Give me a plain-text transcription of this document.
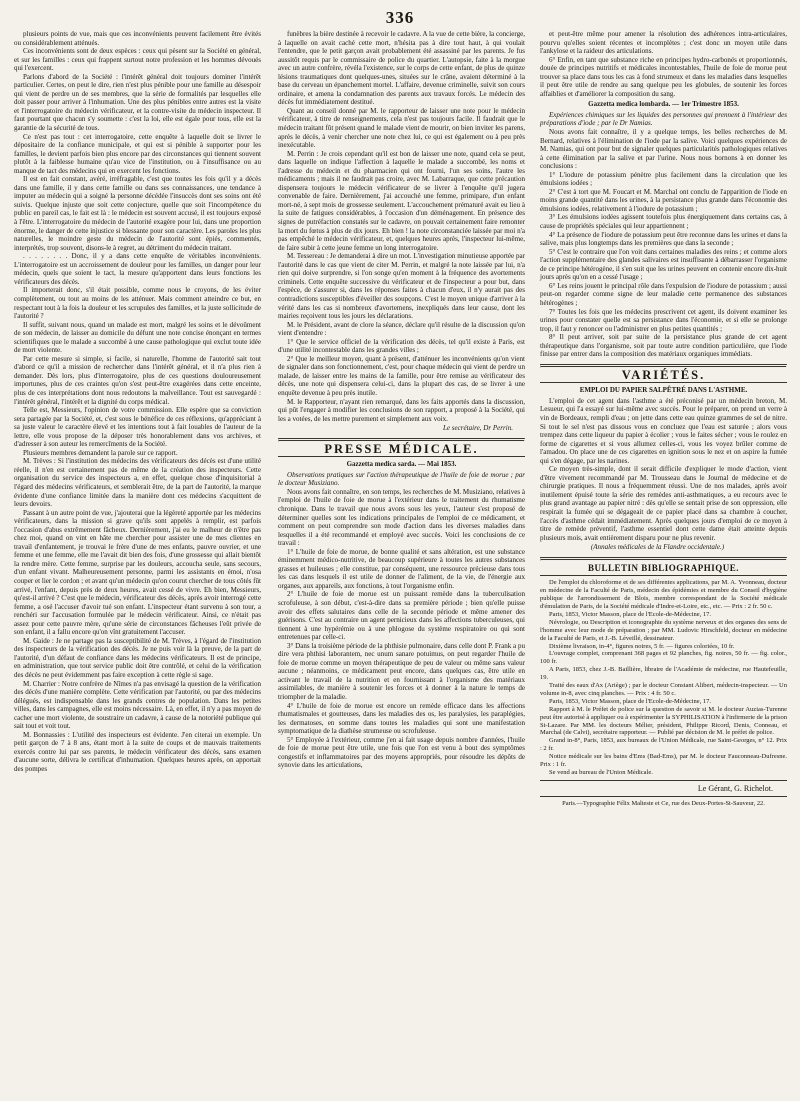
336

plusieurs points de vue, mais que ces inconvénients peuvent facilement être évités ou considérablement atténués.

Ces inconvénients sont de deux espèces : ceux qui pèsent sur la Société en général, et sur les familles : ceux qui frappent surtout notre profession et les hommes dévoués qui l'exercent.

Parlons d'abord de la Société : l'intérêt général doit toujours dominer l'intérêt particulier. Certes, on peut le dire, rien n'est plus pénible pour une famille au désespoir qui vient de perdre un de ses membres, que la série de formalités par lesquelles elle doit passer pour arriver à l'inhumation. Une des plus pénibles entre autres est la visite et l'interrogatoire du médecin vérificateur, et la contre-visite du médecin inspecteur. Il faut pourtant que chacun s'y soumette : c'est la loi, elle est égale pour tous, elle est la garantie de la sécurité de tous.

Ce n'est pas tout : cet interrogatoire, cette enquête à laquelle doit se livrer le dépositaire de la confiance municipale, et qui est si pénible à supporter pour les familles, le devient parfois bien plus encore par des circonstances qui tiennent souvent plutôt à la faiblesse humaine qu'au vice de l'institution, ou à l'insuffisance ou au manque de tact des médecins qui en exercent les fonctions.

Il est en fait constant, avéré, irréfragable, c'est que toutes les fois qu'il y a décès dans une famille, il y dans cette famille ou dans ses connaissances, une tendance à imputer au médecin qui a soigné la personne décédée l'insuccès dont ses soins ont été suivis. Quelque injuste que soit cette conjecture, quelle que soit l'incompétence du public en pareil cas, le fait est là : le médecin est souvent accusé, il est toujours exposé à l'être. L'interrogatoire du médecin de l'autorité exagère pour lui, dans une proportion énorme, le danger de cette injustice si blessante pour son caractère. Les paroles les plus naturelles, le moindre geste du médecin de l'autorité sont épiés, commentés, interprétés, trop souvent, disons-le à regret, au détriment du médecin traitant.

. . . . . . . . Donc, il y a dans cette enquête de véritables inconvénients. L'interrogatoire est un accroissement de douleur pour les familles, un danger pour leur médecin, quels que soient le tact, la mesure qu'apportent dans leurs fonctions les vérificateurs des décès.

Il importerait donc, s'il était possible, comme nous le croyons, de les éviter complètement, ou tout au moins de les atténuer. Mais comment atteindre ce but, en respectant tout à la fois la douleur et les scrupules des familles, et la juste sollicitude de l'autorité ?

Il suffit, suivant nous, quand un malade est mort, malgré les soins et le dévoûment de son médecin, de laisser au domicile du défunt une note concise énonçant en termes scientifiques que le malade a succombé à une cause pathologique qui exclut toute idée de mort violente.

Par cette mesure si simple, si facile, si naturelle, l'homme de l'autorité sait tout d'abord ce qu'il a mission de rechercher dans l'intérêt général, et il n'a plus rien à demander. Dès lors, plus d'interrogatoire, plus de ces questions douloureusement importunes, plus de ces craintes qu'on s'est peut-être exagérées dans cette enceinte, plus de ces interprétations dont nous redoutons la malveillance. Tout est sauvegardé : l'intérêt général, l'intérêt et la dignité du corps médical.

Telle est, Messieurs, l'opinion de votre commission. Elle espère que sa conviction sera partagée par la Société, et, c'est sous le bénéfice de ces réflexions, qu'appréciant à sa juste valeur le caractère élevé et les intentions tout à fait louables de l'auteur de la lettre, elle vous propose de la déposer très honorablement dans vos archives, et d'adresser à son auteur les remercîments de la Société.

Plusieurs membres demandent la parole sur ce rapport.

M. Trèves : Si l'institution des médecins des vérificateurs des décès est d'une utilité réelle, il n'en est certainement pas de même de la création des inspecteurs. Cette organisation du service des inspecteurs a, en effet, quelque chose d'inquisitorial à l'égard des médecins vérificateurs, et semblerait être, de la part de l'autorité, la marque évidente d'une confiance limitée dans la manière dont ces médecins s'acquittent de leurs devoirs.

Passant à un autre point de vue, j'ajouterai que la légèreté apportée par les médecins vérificateurs, dans la mission si grave qu'ils sont appelés à remplir, est parfois l'occasion d'abus extrêmement fâcheux. Dernièrement, j'ai eu le malheur de n'être pas chez moi, quand on vint en hâte me chercher pour assister une de mes clientes en travail d'enfantement, je trouvai le frère d'une de mes enfants, pauvre ouvrier, et une femme et une femme, elle me l'avait dit bien des fois, d'une grossesse qui allait bientôt la rendre mère. Cette femme, surprise par les douleurs, accoucha seule, sans secours, d'un enfant vivant. Malheureusement personne, parmi les assistants en émoi, n'osa couper et lier le cordon ; et avant qu'un médecin qu'on courut chercher de tous côtés fût arrivé, l'enfant, depuis près de deux heures, avait cessé de vivre. Eh bien, Messieurs, qu'est-il arrivé ? C'est que le médecin, vérificateur des décès, après avoir interrogé cette femme, a osé l'accuser d'avoir tué son enfant. L'inspecteur étant survenu à son tour, a renchéri sur l'accusation formulée par le médecin vérificateur. Ainsi, ce n'était pas assez pour cette pauvre mère, qu'une série de circonstances fâcheuses l'eût privée de son enfant, il a fallu encore qu'on vînt gratuitement l'accuser.

M. Gaide : Je ne partage pas la susceptibilité de M. Trèves, à l'égard de l'institution des inspecteurs de la vérification des décès. Je ne puis voir là la preuve, de la part de l'autorité, d'un défaut de confiance dans les médecins vérificateurs. Il est de principe, en administration, que tout service public doit être contrôlé, et celui de la vérification des décès ne peut évidemment pas faire exception à cette règle si sage.

M. Charrier : Notre confrère de Nîmes n'a pas envisagé la question de la vérification des décès d'une manière complète. Cette vérification par l'autorité, ou par des médecins délégués, est indispensable dans les grands centres de population. Dans les petites villes, dans les campagnes, elle est moins nécessaire. Là, en effet, il n'y a pas moyen de cacher une mort violente, de soustraire un cadavre, à cause de la notoriété publique qui sait tout et voit tout.

M. Bonnassies : L'utilité des inspecteurs est évidente. J'en citerai un exemple. Un petit garçon de 7 à 8 ans, étant mort à la suite de coups et de mauvais traitements exercés contre lui par ses parents, le médecin vérificateur des décès, sans examen d'aucune sorte, délivra le certificat d'inhumation. Quelques heures après, on apportait des pompes

funèbres la bière destinée à recevoir le cadavre. A la vue de cette bière, la concierge, à laquelle on avait caché cette mort, n'hésita pas à dire tout haut, à qui voulait l'entendre, que le petit garçon avait probablement été assassiné par les parents. Je fus aussitôt requis par le commissaire de police du quartier. L'autopsie, faite à la morgue avec un autre confrère, révéla l'existence, sur le corps de cette enfant, de plus de quinze lésions traumatiques dont quelques-unes, situées sur le crâne, avaient déterminé à la base du cerveau un épanchement mortel. L'affaire, devenue criminelle, suivit son cours ordinaire, et amena la condamnation des parents aux travaux forcés. Le médecin des décès fut immédiatement destitué.

Quant au conseil donné par M. le rapporteur de laisser une note pour le médecin vérificateur, à titre de renseignements, cela n'est pas toujours facile. Il faudrait que le médecin traitant fût présent quand le malade vient de mourir, on bien inviter les parens, après le décès, à venir chercher une note chez lui, ce qui est également ou à peu près inexécutable.

M. Perrin : Je crois cependant qu'il est bon de laisser une note, quand cela se peut, dans laquelle on indique l'affection à laquelle le malade a succombé, les noms et l'adresse du médecin et du pharmacien qui ont fourni, l'un ses soins, l'autre les médicaments ; mais il ne faudrait pas croire, avec M. Labarraque, que cette précaution dispensera toujours le médecin vérificateur de se livrer à l'enquête qu'il jugera convenable de faire. Dernièrement, j'ai accouché une femme, primipare, d'un enfant mort-né, à sept mois de grossesse seulement. L'accouchement prématuré avait eu lieu à la suite de fatigues considérables, à l'occasion d'un déménagement. En présence des signes de putréfaction constatés sur le cadavre, on pouvait certainement faire remonter la mort du fœtus à plus de dix jours. Eh bien ! la note circonstanciée laissée par moi n'a pas empêché le médecin vérificateur, et, quelques heures après, l'inspecteur lui-même, de faire subir à cette jeune femme un long interrogatoire.

M. Tessereau : Je demanderai à dire un mot. L'investigation minutieuse apportée par l'autorité dans le cas que vient de citer M. Perrin, et malgré la note laissée par lui, n'a rien qui doive surprendre, si l'on songe qu'en moment à la fréquence des avortements criminels. Cette enquête successive du vérificateur et de l'inspecteur a pour but, dans l'espèce, de s'assurer si, dans les réponses faites à chacun d'eux, il n'y aurait pas des contradictions susceptibles d'éveiller des soupçons. C'est le moyen unique d'arriver à la vérité dans les cas si nombreux d'avortemens, inexpliqués dans leur cause, dont les mairies reçoivent tous les jours les déclarations.

M. le Président, avant de clore la séance, déclare qu'il résulte de la discussion qu'on vient d'entendre :

1° Que le service officiel de la vérification des décès, tel qu'il existe à Paris, est d'une utilité incontestable dans les grandes villes ;

2° Que le meilleur moyen, quant à présent, d'atténuer les inconvénients qu'on vient de signaler dans son fonctionnement, c'est, pour chaque médecin qui vient de perdre un malade, de laisser entre les mains de la famille, pour être remise au vérificateur des décès, une note qui dispensera celui-ci, dans la plupart des cas, de se livrer à une enquête devenue à peu près inutile.

M. le Rapporteur, n'ayant rien remarqué, dans les faits apportés dans la discussion, qui pût l'engager à modifier les conclusions de son rapport, a proposé à la Société, qui les a votées, de les mettre purement et simplement aux voix.

Le secrétaire, Dr Perrin.
PRESSE MÉDICALE.
Gazzetta medica sarda. — Mai 1853.

Observations pratiques sur l'action thérapeutique de l'huile de foie de morue ; par le docteur Musiziano.

Nous avons fait connaître, en son temps, les recherches de M. Musiziano, relatives à l'emploi de l'huile de foie de morue à l'extérieur dans le traitement du rhumatisme chronique. Dans le travail que nous avons sous les yeux, l'auteur s'est proposé de déterminer quelles sont les indications principales de l'emploi de ce médicament, et comment on peut comprendre son mode d'action dans les diverses maladies dans lesquelles il a été recommandé et employé avec succès. Voici les conclusions de ce travail :

1° L'huile de foie de morue, de bonne qualité et sans altération, est une substance éminemment médico-nutritive, de beaucoup supérieure à toutes les autres substances grasses et huileuses ; elle constitue, par conséquent, une ressource précieuse dans tous les cas dans lesquels il est utile de donner de l'aliment, de la vie, de l'énergie aux organes, aux appareils, aux fonctions, à tout l'organisme enfin.

2° L'huile de foie de morue est un puissant remède dans la tuberculisation scrofuleuse, à son début, c'est-à-dire dans sa première période ; bien qu'elle puisse avoir des effets salutaires dans celle de la seconde période et même amener des guérisons. C'est au contraire un agent pernicieux dans les affections tuberculeuses, qui tiennent à une hypérémie ou à une phlogose du système respiratoire ou qui sont entretenues par celle-ci.

3° Dans la troisième période de la phthisie pulmonaire, dans celle dont P. Frank a pu dire vera phthisi laborantem, nec unum sanare potuimus, on peut regarder l'huile de foie de morue comme un moyen thérapeutique de peu de valeur ou même sans valeur aucune ; néanmoins, ce médicament peut encore, dans quelques cas, être utile en activant le travail de la nutrition et en fournissant à l'organisme des matériaux assimilables, de manière à soutenir les forces et à donner à la nature le temps de triompher de la maladie.

4° L'huile de foie de morue est encore un remède efficace dans les affections rhumatismales et goutteuses, dans les maladies des os, les paralysies, les paraplégies, les dermatoses, en somme dans toutes les maladies qui sont une manifestation symptomatique de la diathèse strumeuse ou scrofuleuse.

5° Employée à l'extérieur, comme j'en ai fait usage depuis nombre d'années, l'huile de foie de morue peut être utile, une fois que l'on est venu à bout des symptômes congestifs et inflammatoires par des moyens appropriés, pour résoudre les dépôts de synovie dans les articulations,

et peut-être même pour amener la résolution des adhérences intra-articulaires, pourvu qu'elles soient récentes et incomplètes ; c'est donc un moyen utile dans l'ankylose et la raideur des articulations.

6° Enfin, en tant que substance riche en principes hydro-carbonés et proportionnés, douée de principes nutritifs et médicales incontestables, l'huile de foie de morue peut trouver sa place dans tous les cas à fond strumeux et dans les maladies dans lesquelles il peut être utile de rendre au sang quelque peu les globules, de soutenir les forces affaiblies et d'améliorer la composition du sang.

Gazzetta medica lombarda. — 1er Trimestre 1853.

Expériences chimiques sur les liquides des personnes qui prennent à l'intérieur des préparations d'iode ; par le Dr Namias.

Nous avons fait connaître, il y a quelque temps, les belles recherches de M. Bernard, relatives à l'élimination de l'iode par la salive. Voici quelques expériences de M. Namias, qui ont pour but de signaler quelques particularités pathologiques relatives à cette élimination par la salive et par l'urine. Nous nous bornons à en donner les conclusions :

1° L'iodure de potassium pénètre plus facilement dans la circulation que les émulsions iodées ;

2° C'est à tort que M. Foucart et M. Marchal ont conclu de l'apparition de l'iode en moins grande quantité dans les urines, à la persistance plus grande dans l'économie des émulsions iodées, relativement à l'iodure de potassium ;

3° Les émulsions iodées agissent toutefois plus énergiquement dans certains cas, à cause de propriétés spéciales qui leur appartiennent ;

4° La présence de l'iodure de potassium peut être reconnue dans les urines et dans la salive, mais plus longtemps dans les premières que dans la seconde ;

5° C'est le contraire que l'on voit dans certaines maladies des reins ; et comme alors l'action supplémentaire des glandes salivaires est insuffisante à débarrasser l'organisme de ce principe hétérogène, il s'en suit que les urines peuvent en contenir encore dix-huit jours après qu'on en a cessé l'usage ;

6° Les reins jouent le principal rôle dans l'expulsion de l'iodure de potassium ; aussi peut-on regarder comme signe de leur maladie cette permanence des substances hétérogènes ;

7° Toutes les fois que les médecins prescrivent cet agent, ils doivent examiner les urines pour constater quelle est sa persistance dans l'économie, et si elle se prolonge trop, il faut y renoncer ou l'administrer en plus petites quantités ;

8° Il peut arriver, soit par suite de la persistance plus grande de cet agent thérapeutique dans l'organisme, soit par toute autre condition particulière, que l'iode finisse par entrer dans la composition des matériaux organiques immédiats.

VARIÉTÉS.
EMPLOI DU PAPIER SALPÊTRÉ DANS L'ASTHME.

L'emploi de cet agent dans l'asthme a été préconisé par un médecin breton, M. Lesueur, qui l'a essayé sur lui-même avec succès. Pour le préparer, on prend un verre à vin de Bordeaux, rempli d'eau ; on jette dans cette eau quinze grammes de sel de nitre. Si tout le sel n'est pas dissous vous en concluez que l'eau est saturée ; alors vous trempez dans cette liqueur du papier à écolier ; vous le faites sécher ; vous le roulez en forme de cigarettes et si vous allumez celles-ci, vous les voyez brûler comme de l'amadou. On place une de ces cigarettes en ignition sous le nez et on aspire la fumée qui s'en dégage, par les narines.

Ce moyen très-simple, dont il serait difficile d'expliquer le mode d'action, vient d'être vivement recommandé par M. Trousseau dans le Journal de médecine et de chirurgie pratiques. Il nous a fréquemment réussi. Une de nos malades, après avoir inutilement épuisé toute la série des remèdes anti-asthmatiques, a eu recours avec le plus grand avantage au papier nitré : dès qu'elle se sentait prise de son oppression, elle respirait la fumée qui se dégageait de ce papier placé dans sa chambre à coucher, l'accès d'asthme cédait immédiatement. Après quelques jours d'emploi de ce moyen à titre de remède préventif, l'asthme essentiel dont cette dame était atteinte depuis plusieurs mois, avait entièrement disparu pour ne plus revenir.

(Annales médicales de la Flandre occidentale.)
BULLETIN BIBLIOGRAPHIQUE.

De l'emploi du chloroforme et de ses différentes applications, par M. A. Yvonneau, docteur en médecine de la Faculté de Paris, médecin des épidémies et membre du Conseil d'hygiène publique de l'arrondissement de Blois, membre correspondant de la Société médicale d'émulation de Paris, de la Société médicale d'Indre-et-Loire, etc., etc. — Prix : 2 fr. 50 c.

Paris, 1853, Victor Masson, place de l'Ecole-de-Médecine, 17.

Névrologie, ou Description et iconographie du système nerveux et des organes des sens de l'homme avec leur mode de préparation ; par MM. Ludovic Hirschfeld, docteur en médecine de la Faculté de Paris, et J.-B. Léveillé, dessinateur.

Dixième livraison, in-4°, figures noires, 5 fr. — figures coloriées, 10 fr.

L'ouvrage complet, comprenant 368 pages et 92 planches, fig. noires, 50 fr. — fig. color., 100 fr.

A Paris, 1853, chez J.-B. Baillière, libraire de l'Académie de médecine, rue Hautefeuille, 19.

Traité des eaux d'Ax (Ariège) ; par le docteur Constant Alibert, médecin-inspecteur. — Un volume in-8, avec cinq planches. — Prix : 4 fr. 50 c.

Paris, 1853, Victor Masson, place de l'Ecole-de-Médecine, 17.

Rapport à M. le Préfet de police sur la question de savoir si M. le docteur Auzias-Turenne peut être autorisé à appliquer ou à expérimenter la SYPHILISATION à l'infirmerie de la prison St-Lazare. Par MM. les docteurs Mélier, président, Philippe Ricord, Denis, Conneau, et Marchal (de Calvi), secrétaire rapporteur. — Publié par décision de M. le préfet de police.

Grand in-8°, Paris, 1853, aux bureaux de l'Union Médicale, rue Saint-Georges, n° 12. Prix : 2 fr.

Notice médicale sur les bains d'Ems (Bad-Ems), par M. le docteur Fauconneau-Dufresne. Prix : 1 fr.

Se vend au bureau de l'Union Médicale.

Le Gérant, G. Richelot.
Paris.—Typographie Félix Malteste et Ce, rue des Deux-Portes-St-Sauveur, 22.
